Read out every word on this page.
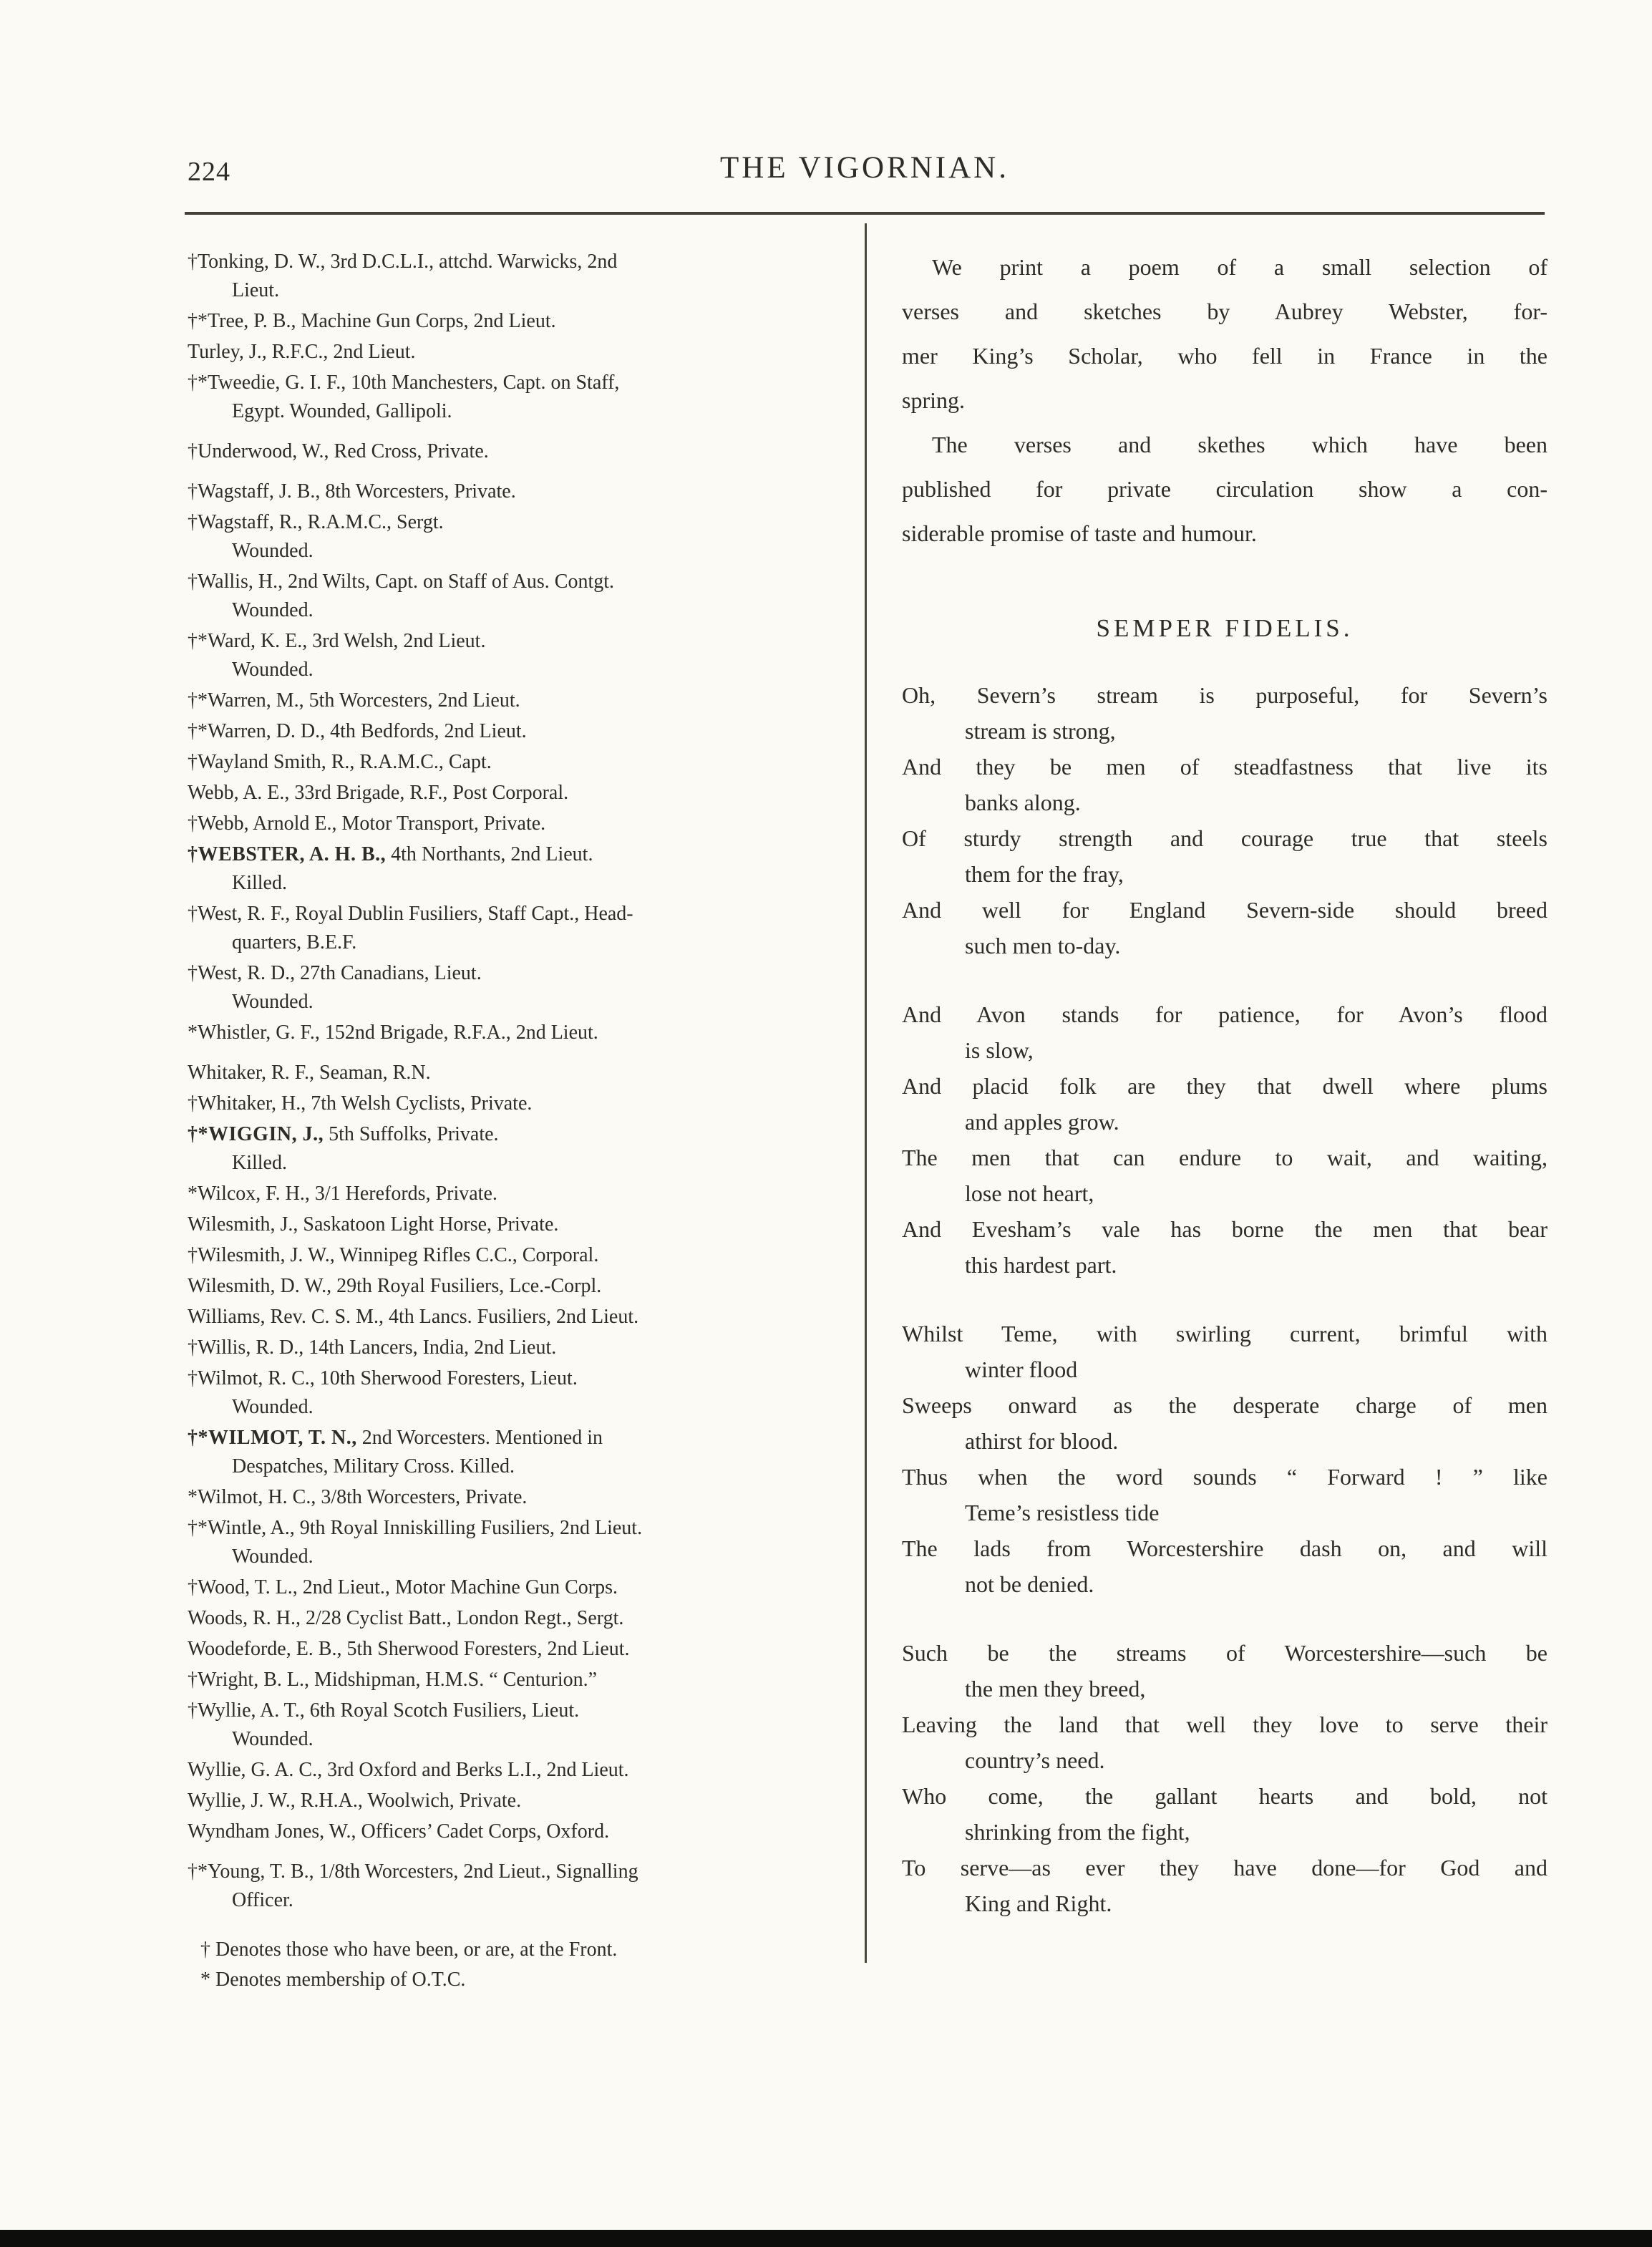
224	THE VIGORNIAN.
†Tonking, D. W., 3rd D.C.L.I., attchd. Warwicks, 2nd
Lieut.
†*Tree, P. B., Machine Gun Corps, 2nd Lieut.
Turley, J., R.F.C., 2nd Lieut.
†*Tweedie, G. I. F., 10th Manchesters, Capt. on Staff,
Egypt. Wounded, Gallipoli.
†Underwood, W., Red Cross, Private.
†Wagstaff, J. B., 8th Worcesters, Private.
†Wagstaff, R., R.A.M.C., Sergt.
Wounded.
†Wallis, H., 2nd Wilts, Capt. on Staff of Aus. Contgt.
Wounded.
†*Ward, K. E., 3rd Welsh, 2nd Lieut.
Wounded.
†*Warren, M., 5th Worcesters, 2nd Lieut.
†*Warren, D. D., 4th Bedfords, 2nd Lieut.
†Wayland Smith, R., R.A.M.C., Capt.
Webb, A. E., 33rd Brigade, R.F., Post Corporal.
†Webb, Arnold E., Motor Transport, Private.
†WEBSTER, A. H. B., 4th Northants, 2nd Lieut.
Killed.
†West, R. F., Royal Dublin Fusiliers, Staff Capt., Head-
quarters, B.E.F.
†West, R. D., 27th Canadians, Lieut.
Wounded.
*Whistler, G. F., 152nd Brigade, R.F.A., 2nd Lieut.
Whitaker, R. F., Seaman, R.N.
†Whitaker, H., 7th Welsh Cyclists, Private.
†*WIGGIN, J., 5th Suffolks, Private.
Killed.
*Wilcox, F. H., 3/1 Herefords, Private.
Wilesmith, J., Saskatoon Light Horse, Private.
†Wilesmith, J. W., Winnipeg Rifles C.C., Corporal.
Wilesmith, D. W., 29th Royal Fusiliers, Lce.-Corpl.
Williams, Rev. C. S. M., 4th Lancs. Fusiliers, 2nd Lieut.
†Willis, R. D., 14th Lancers, India, 2nd Lieut.
†Wilmot, R. C., 10th Sherwood Foresters, Lieut.
Wounded.
†*WILMOT, T. N., 2nd Worcesters. Mentioned in
Despatches, Military Cross. Killed.
*Wilmot, H. C., 3/8th Worcesters, Private.
†*Wintle, A., 9th Royal Inniskilling Fusiliers, 2nd Lieut.
Wounded.
†Wood, T. L., 2nd Lieut., Motor Machine Gun Corps.
Woods, R. H., 2/28 Cyclist Batt., London Regt., Sergt.
Woodeforde, E. B., 5th Sherwood Foresters, 2nd Lieut.
†Wright, B. L., Midshipman, H.M.S. “ Centurion.”
†Wyllie, A. T., 6th Royal Scotch Fusiliers, Lieut.
Wounded.
Wyllie, G. A. C., 3rd Oxford and Berks L.I., 2nd Lieut.
Wyllie, J. W., R.H.A., Woolwich, Private.
Wyndham Jones, W., Officers’ Cadet Corps, Oxford.
†*Young, T. B., 1/8th Worcesters, 2nd Lieut., Signalling
Officer.
† Denotes those who have been, or are, at the Front.
* Denotes membership of O.T.C.
We print a poem of a small selection of
verses and sketches by Aubrey Webster, for-
mer King’s Scholar, who fell in France in the
spring.
The verses and skethes which have been
published for private circulation show a con-
siderable promise of taste and humour.
SEMPER FIDELIS.
Oh, Severn’s stream is purposeful, for Severn’s
stream is strong,
And they be men of steadfastness that live its
banks along.
Of sturdy strength and courage true that steels
them for the fray,
And well for England Severn-side should breed
such men to-day.
And Avon stands for patience, for Avon’s flood
is slow,
And placid folk are they that dwell where plums
and apples grow.
The men that can endure to wait, and waiting,
lose not heart,
And Evesham’s vale has borne the men that bear
this hardest part.
Whilst Teme, with swirling current, brimful with
winter flood
Sweeps onward as the desperate charge of men
athirst for blood.
Thus when the word sounds “ Forward ! ” like
Teme’s resistless tide
The lads from Worcestershire dash on, and will
not be denied.
Such be the streams of Worcestershire—such be
the men they breed,
Leaving the land that well they love to serve their
country’s need.
Who come, the gallant hearts and bold, not
shrinking from the fight,
To serve—as ever they have done—for God and
King and Right.
